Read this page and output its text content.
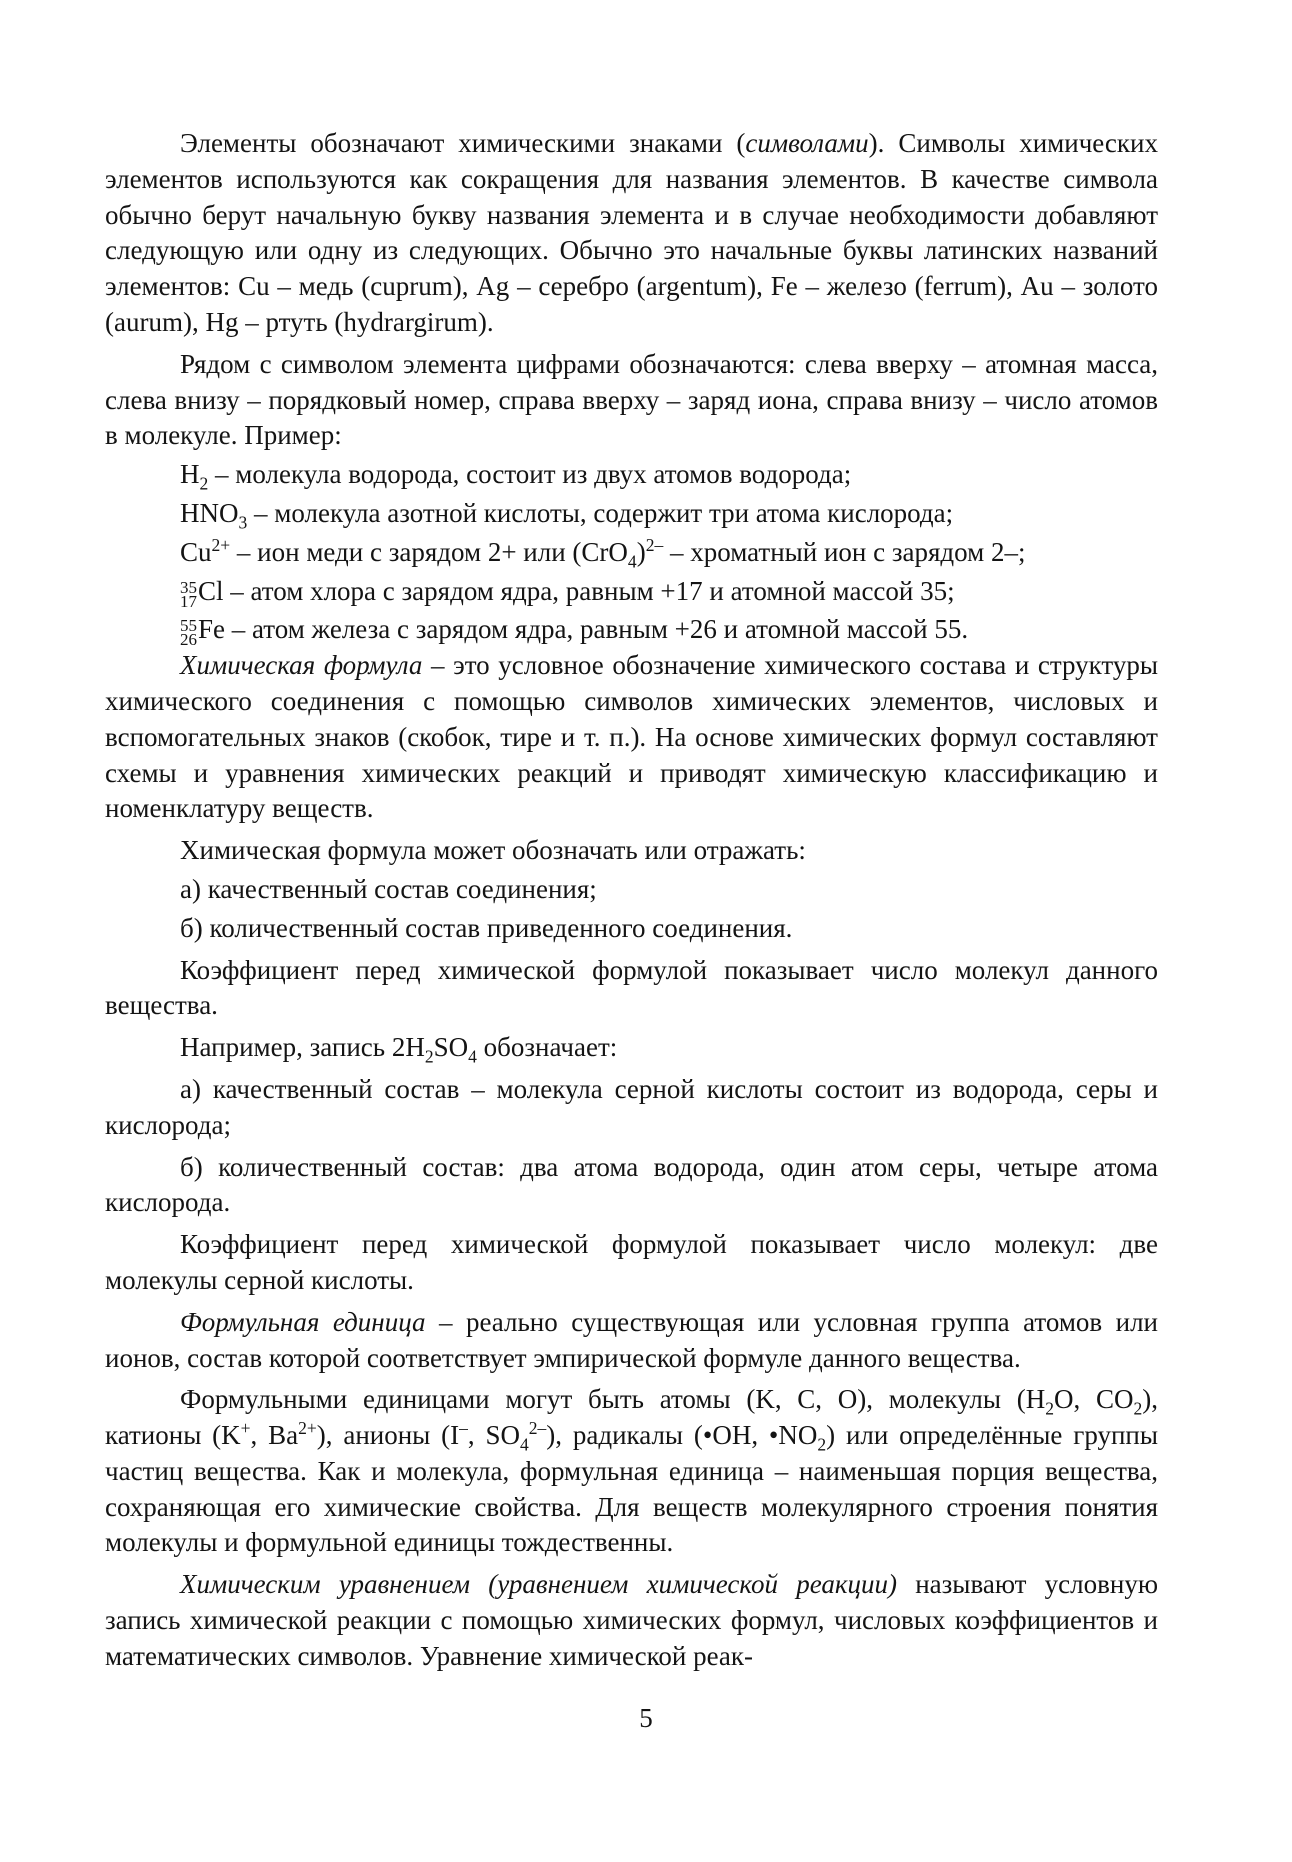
Элементы обозначают химическими знаками (символами). Символы химических элементов используются как сокращения для названия элементов. В качестве символа обычно берут начальную букву названия элемента и в случае необходимости добавляют следующую или одну из следующих. Обычно это начальные буквы латинских названий элементов: Cu – медь (cuprum), Ag – серебро (argentum), Fe – железо (ferrum), Au – золото (aurum), Hg – ртуть (hydrargirum).

Рядом с символом элемента цифрами обозначаются: слева вверху – атомная масса, слева внизу – порядковый номер, справа вверху – заряд иона, справа внизу – число атомов в молекуле. Пример:

$H_2$ – молекула водорода, состоит из двух атомов водорода;

$HNO_3$ – молекула азотной кислоты, содержит три атома кислорода;

$Cu^{2+}$ – ион меди с зарядом 2+ или $(CrO_4)^{2-}$ – хроматный ион с зарядом 2–;

35
17 Cl – атом хлора с зарядом ядра, равным +17 и атомной массой 35;

55
26 Fe – атом железа с зарядом ядра, равным +26 и атомной массой 55.

Химическая формула – это условное обозначение химического состава и структуры химического соединения с помощью символов химических элементов, числовых и вспомогательных знаков (скобок, тире и т. п.). На основе химических формул составляют схемы и уравнения химических реакций и приводят химическую классификацию и номенклатуру веществ.

Химическая формула может обозначать или отражать:

а) качественный состав соединения;

б) количественный состав приведенного соединения.

Коэффициент перед химической формулой показывает число молекул данного вещества.

Например, запись $2H_2SO_4$ обозначает:

а) качественный состав – молекула серной кислоты состоит из водорода, серы и кислорода;

б) количественный состав: два атома водорода, один атом серы, четыре атома кислорода.

Коэффициент перед химической формулой показывает число молекул: две молекулы серной кислоты.

Формульная единица – реально существующая или условная группа атомов или ионов, состав которой соответствует эмпирической формуле данного вещества.

Формульными единицами могут быть атомы (K, C, O), молекулы ($H_2O$, $CO_2$), катионы (K+, $Ba^{2+}$), анионы (I–, $SO_4^{2-}$), радикалы (•OH, $•NO_2$) или определённые группы частиц вещества. Как и молекула, формульная единица – наименьшая порция вещества, сохраняющая его химические свойства. Для веществ молекулярного строения понятия молекулы и формульной единицы тождественны.

Химическим уравнением (уравнением химической реакции) называют условную запись химической реакции с помощью химических формул, числовых коэффициентов и математических символов. Уравнение химической реак-

5
